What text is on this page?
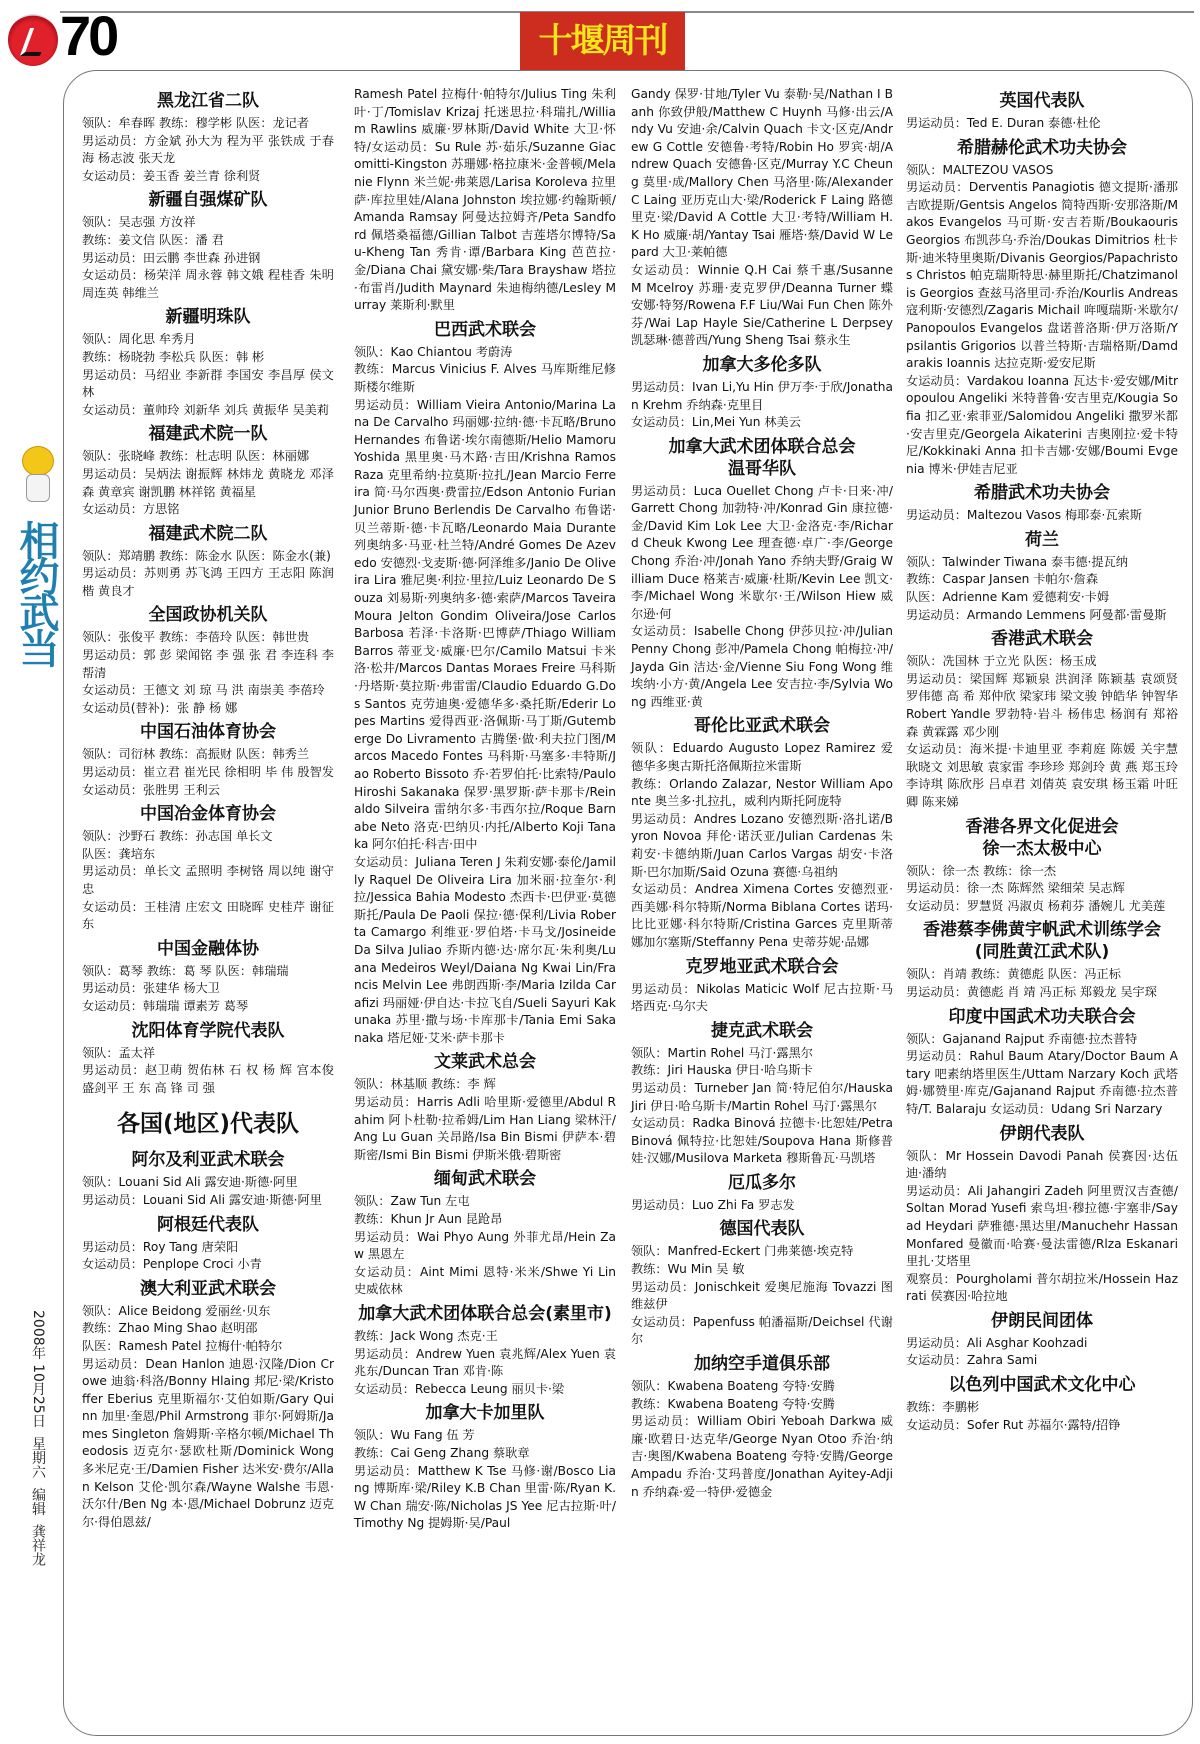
70	十堰周刊
相约武当
2008年 10月25日  星期六  编辑  龚祥龙
黑龙江省二队

领队：牟春晖 教练：穆学彬 队医：龙记者

男运动员：方金斌 孙大为 程为平 张铁成 于春海 杨志波 张天龙

女运动员：姜玉香 姜兰青 徐利贤

新疆自强煤矿队

领队：吴志强 方汝祥

教练：姜文信 队医：潘 君

男运动员：田云鹏 李世森 孙进钢

女运动员：杨荣洋 周永蓉 韩文娥 程桂香 朱明 周连英 韩维兰

新疆明珠队

领队：周化思 牟秀月

教练：杨晓勃 李松兵 队医：韩 彬

男运动员：马绍业 李新群 李国安 李昌厚 侯文林

女运动员：董帅玲 刘新华 刘兵 黄振华 吴美莉

福建武术院一队

领队：张晓峰 教练：杜志明 队医：林丽娜

男运动员：吴炳法 谢振辉 林炜龙 黄晓龙 邓泽森 黄章宾 谢凯鹏 林祥铭 黄福星

女运动员：方思铭

福建武术院二队

领队：郑靖鹏 教练：陈金水 队医：陈金水(兼)

男运动员：苏则勇 苏飞鸿 王四方 王志阳 陈润楷 黄良才

全国政协机关队

领队：张俊平 教练：李蓓玲 队医：韩世贵

男运动员：郭 彭 梁闻铭 李 强 张 君 李连科 李帮清

女运动员：王德文 刘 琼 马 洪 南崇美 李蓓玲

女运动员(替补)：张 静 杨 娜

中国石油体育协会

领队：司衍林 教练：高振财 队医：韩秀兰

男运动员：崔立君 崔光民 徐相明 毕 伟 殷智发 女运动员：张胜男 王利云

中国冶金体育协会

领队：沙野石 教练：孙志国 单长文

队医：龚培东

男运动员：单长文 孟照明 李树铬 周以纯 谢守忠

女运动员：王桂清 庄宏文 田晓晖 史桂芹 谢征东

中国金融体协

领队：葛琴 教练：葛 琴 队医：韩瑞瑞

男运动员：张建华 杨大卫

女运动员：韩瑞瑞 谭素芳 葛琴

沈阳体育学院代表队

领队：孟太祥

男运动员：赵卫萌 贺佑林 石 权 杨 辉 宫本俊 盛剑平 王 东 高 锋 司 强

各国(地区)代表队
阿尔及利亚武术联会

领队：Louani Sid Ali 露安迪·斯德·阿里

男运动员：Louani Sid Ali 露安迪·斯德·阿里

阿根廷代表队

男运动员：Roy Tang 唐荣阳

女运动员：Penplope Croci 小青

澳大利亚武术联会

领队：Alice Beidong 爱丽丝·贝东

教练：Zhao Ming Shao 赵明邵

队医：Ramesh Patel 拉梅什·帕特尔

男运动员：Dean Hanlon 迪恩·汉隆/Dion Crowe 迪翁·科洛/Bonny Hlaing 邦尼·梁/Kristoffer Eberius 克里斯福尔·艾伯如斯/Gary Quinn 加里·奎恩/Phil Armstrong 菲尔·阿姆斯/James Singleton 詹姆斯·辛格尔顿/Michael Theodosis 迈克尔·瑟欧杜斯/Dominick Wong 多米尼克·王/Damien Fisher 达米安·费尔/Allan Kelson 艾伦·凯尔森/Wayne Walshe 韦恩·沃尔什/Ben Ng 本·恩/Michael Dobrunz 迈克尔·得伯恩兹/

Ramesh Patel 拉梅什·帕特尔/Julius Ting 朱利叶·丁/Tomislav Krizaj 托迷思拉·科瑞扎/William Rawlins 威廉·罗林斯/David White 大卫·怀特/女运动员：Su Rule 苏·茹乐/Suzanne Giacomitti-Kingston 苏珊娜·格拉康米·金普顿/Melanie Flynn 米兰妮·弗莱恩/Larisa Koroleva 拉里萨·库拉里娃/Alana Johnston 埃拉娜·约翰斯顿/Amanda Ramsay 阿曼达拉姆齐/Peta Sandford 佩塔桑福德/Gillian Talbot 吉莲塔尔博特/Sau-Kheng Tan 秀肯·谭/Barbara King 芭芭拉·金/Diana Chai 黛安娜·柴/Tara Brayshaw 塔拉·布雷肖/Judith Maynard 朱迪梅纳德/Lesley Murray 莱斯利·默里

巴西武术联会

领队：Kao Chiantou 考蔚涛

教练：Marcus Vinicius F. Alves 马库斯维尼修斯楼尔维斯

男运动员：William Vieira Antonio/Marina Lana De Carvalho 玛丽娜·拉纳·德·卡瓦略/Bruno Hernandes 布鲁诺·埃尔南德斯/Helio Mamoru Yoshida 黑里奥·马木路·吉田/Krishna Ramos Raza 克里希纳·拉莫斯·拉扎/Jean Marcio Ferreira 简·马尔西奥·费雷拉/Edson Antonio Furian Junior Bruno Berlendis De Carvalho 布鲁诺·贝兰蒂斯·德·卡瓦略/Leonardo Maia Durante 列奥纳多·马亚·杜兰特/André Gomes De Azevedo 安德烈·戈麦斯·德·阿泽维多/Janio De Oliveira Lira 雅尼奥·利拉·里拉/Luiz Leonardo De Souza 刘易斯·列奥纳多·德·索萨/Marcos Taveira Moura Jelton Gondim Oliveira/Jose Carlos Barbosa 若泽·卡洛斯·巴博萨/Thiago William Barros 蒂亚戈·威廉·巴尔/Camilo Matsui 卡米洛·松井/Marcos Dantas Moraes Freire 马科斯·丹塔斯·莫拉斯·弗雷雷/Claudio Eduardo G.Dos Santos 克劳迪奥·爱德华多·桑托斯/Ederir Lopes Martins 爱得西亚·洛佩斯·马丁斯/Gutemberge Do Livramento 古腾堡·做·利夫拉门图/Marcos Macedo Fontes 马科斯·马塞多·丰特斯/Jao Roberto Bissoto 乔·若罗伯托·比索特/Paulo Hiroshi Sakanaka 保罗·黑罗斯·萨卡那卡/Reinaldo Silveira 雷纳尔多·韦西尔拉/Roque Barnabe Neto 洛克·巴纳贝·内托/Alberto Koji Tanaka 阿尔伯托·科吉·田中

女运动员：Juliana Teren J 朱莉安娜·泰伦/Jamilly Raquel De Oliveira Lira 加米丽·拉奎尔·利拉/Jessica Bahia Modesto 杰西卡·巴伊亚·莫德斯托/Paula De Paoli 保拉·德·保利/Livia Roberta Camargo 利维亚·罗伯塔·卡马戈/Josineide Da Silva Juliao 乔斯内德·达·席尔瓦·朱利奥/Luana Medeiros Weyl/Daiana Ng Kwai Lin/Francis Melvin Lee 弗朗西斯·李/Maria Izilda Carafizi 玛丽娅·伊自达·卡拉飞自/Sueli Sayuri Kakunaka 苏里·撒与场·卡库那卡/Tania Emi Sakanaka 塔尼娅·艾米·萨卡那卡

文莱武术总会

领队：林基顺 教练：李 辉

男运动员：Harris Adli 哈里斯·爱德里/Abdul Rahim 阿卜杜勒·拉希姆/Lim Han Liang 梁林汗/Ang Lu Guan 关昂路/Isa Bin Bismi 伊萨本·碧斯密/Ismi Bin Bismi 伊斯米俄·碧斯密

缅甸武术联会

领队：Zaw Tun 左屯

教练：Khun Jr Aun 昆跄昂

男运动员：Wai Phyo Aung 外菲尤昂/Hein Zaw 黑恩左

女运动员：Aint Mimi 恩特·米米/Shwe Yi Lin 史威依林

加拿大武术团体联合总会(素里市)

教练：Jack Wong 杰克·王

男运动员：Andrew Yuen 袁兆辉/Alex Yuen 袁兆东/Duncan Tran 邓肯·陈

女运动员：Rebecca Leung 丽贝卡·梁

加拿大卡加里队

领队：Wu Fang 伍 芳

教练：Cai Geng Zhang 蔡耿章

男运动员：Matthew K Tse 马修·谢/Bosco Liang 博斯库·梁/Riley K.B Chan 里雷·陈/Ryan K.W Chan 瑞安·陈/Nicholas JS Yee 尼古拉斯·叶/Timothy Ng 提姆斯·吴/Paul

Gandy 保罗·甘地/Tyler Vu 泰勒·吴/Nathan I Banh 你致伊般/Matthew C Huynh 马修·出云/Andy Vu 安迪·余/Calvin Quach 卡文·区克/Andrew G Cottle 安德鲁·考特/Robin Ho 罗宾·胡/Andrew Quach 安德鲁·区克/Murray Y.C Cheung 莫里·成/Mallory Chen 马洛里·陈/Alexander C Laing 亚历克山大·梁/Roderick F Laing 路德里克·梁/David A Cottle 大卫·考特/William H.K Ho 威廉·胡/Yantay Tsai 雁塔·蔡/David W Lepard 大卫·莱帕德

女运动员：Winnie Q.H Cai 蔡千惠/Susanne M Mcelroy 苏珊·麦克罗伊/Deanna Turner 蝶安娜·特努/Rowena F.F Liu/Wai Fun Chen 陈外芬/Wai Lap Hayle Sie/Catherine L Derpsey 凯瑟琳·德普西/Yung Sheng Tsai 蔡永生

加拿大多伦多队

男运动员：Ivan Li,Yu Hin 伊万李·于欣/Jonathan Krehm 乔纳森·克里目

女运动员：Lin,Mei Yun 林美云

加拿大武术团体联合总会
温哥华队

男运动员：Luca Ouellet Chong 卢卡·日来·冲/Garrett Chong 加勃特·冲/Konrad Gin 康拉德·金/David Kim Lok Lee 大卫·金洛克·李/Richard Cheuk Kwong Lee 理查德·卓广·李/George Chong 乔治·冲/Jonah Yano 乔纳夫野/Graig William Duce 格莱吉·威廉·杜斯/Kevin Lee 凯文·李/Michael Wong 米歇尔·王/Wilson Hiew 威尔逊·何

女运动员：Isabelle Chong 伊莎贝拉·冲/Julian Penny Chong 彭冲/Pamela Chong 帕梅拉·冲/Jayda Gin 洁达·金/Vienne Siu Fong Wong 维埃纳·小方·黄/Angela Lee 安吉拉·李/Sylvia Wong 西维亚·黄

哥伦比亚武术联会

领队：Eduardo Augusto Lopez Ramirez 爱德华多奥古斯托洛佩斯拉米雷斯

教练：Orlando Zalazar, Nestor William Aponte 奥兰多·扎拉扎，威利内斯托阿庞特

男运动员：Andres Lozano 安德烈斯·洛扎诺/Byron Novoa 拜伦·诺沃亚/Julian Cardenas 朱莉安·卡德纳斯/Juan Carlos Vargas 胡安·卡洛斯·巴尔加斯/Said Ozuna 赛德·乌祖纳

女运动员：Andrea Ximena Cortes 安德烈亚·西美娜·科尔特斯/Norma Biblana Cortes 诺玛·比比亚娜·科尔特斯/Cristina Garces 克里斯蒂娜加尔塞斯/Steffanny Pena 史蒂芬妮·品娜

克罗地亚武术联合会

男运动员：Nikolas Maticic Wolf 尼古拉斯·马塔西克·乌尔夫

捷克武术联会

领队：Martin Rohel 马汀·露黑尔

教练：Jiri Hauska 伊日·哈乌斯卡

男运动员：Turneber Jan 简·特尼伯尔/Hauska Jiri 伊日·哈乌斯卡/Martin Rohel 马汀·露黑尔

女运动员：Radka Binová 拉德卡·比恕娃/Petra Binová 佩特拉·比恕娃/Soupova Hana 斯修普娃·汉娜/Musilova Marketa 穆斯鲁瓦·马凯塔

厄瓜多尔

男运动员：Luo Zhi Fa 罗志发

德国代表队

领队：Manfred-Eckert 门弗莱德·埃克特

教练：Wu Min 吴 敏

男运动员：Jonischkeit 爱奥尼施海 Tovazzi 图维兹伊

女运动员：Papenfuss 帕潘福斯/Deichsel 代谢尔

加纳空手道俱乐部

领队：Kwabena Boateng 夸特·安腾

教练：Kwabena Boateng 夸特·安腾

男运动员：William Obiri Yeboah Darkwa 威廉·欧碧日·达克华/George Nyan Otoo 乔治·纳吉·奥图/Kwabena Boateng 夸特·安腾/George Ampadu 乔治·艾玛普度/Jonathan Ayitey-Adjin 乔纳森·爱一特伊·爱德金

英国代表队

男运动员：Ted E. Duran 泰德·杜伦

希腊赫伦武术功夫协会

领队：MALTEZOU VASOS

男运动员：Derventis Panagiotis 德文提斯·潘那吉欧提斯/Gentsis Angelos 简特西斯·安那洛斯/Makos Evangelos 马可斯·安吉若斯/Boukaouris Georgios 布凯莎乌·乔治/Doukas Dimitrios 杜卡斯·迪米特里奥斯/Divanis Georgios/Papachristos Christos 帕克瑞斯特思·赫里斯托/Chatzimanolis Georgios 查兹马洛里司·乔治/Kourlis Andreas 寇利斯·安德烈/Zagaris Michail 哖嘎瑞斯·米歇尔/Panopoulos Evangelos 盘诺普洛斯·伊万洛斯/Ypsilantis Grigorios 以普兰特斯·吉瑞格斯/Damdarakis Ioannis 达拉克斯·爱安尼斯

女运动员：Vardakou Ioanna 瓦达卡·爱安娜/Mitropoulou Angeliki 米特普鲁·安吉里克/Kougia Sofia 扣乙亚·索菲亚/Salomidou Angeliki 撒罗米都·安吉里克/Georgela Aikaterini 吉奥刚拉·爱卡特尼/Kokkinaki Anna 扣卡吉娜·安娜/Boumi Evgenia 博米·伊娃吉尼亚

希腊武术功夫协会

男运动员：Maltezou Vasos 梅耶泰·瓦索斯

荷兰

领队：Talwinder Tiwana 泰韦德·提瓦纳

教练：Caspar Jansen 卡帕尔·詹森

队医：Adrienne Kam 爱德莉安·卡姆

男运动员：Armando Lemmens 阿曼都·雷曼斯

香港武术联会

领队：冼国林 于立光 队医：杨玉成

男运动员：梁国辉 郑颖泉 洪润泽 陈颖基 袁颂贤 罗伟德 高 希 郑仲欣 梁家玮 梁文骏 钟皓华 钟智华 Robert Yandle 罗勃特·岩斗 杨伟忠 杨润有 郑裕森 黄霖露 邓少刚

女运动员：海米提·卡迪里亚 李莉庭 陈媛 关宇慧 耿晓文 刘思敏 袁家雷 李珍珍 郑剑玲 黄 燕 郑玉玲 李诗琪 陈欣彤 吕卓君 刘倩英 袁安琪 杨玉霜 叶旺卿 陈来娣

香港各界文化促进会
徐一杰太极中心

领队：徐一杰 教练：徐一杰

男运动员：徐一杰 陈辉然 梁细荣 吴志辉

女运动员：罗慧贤 冯淑贞 杨莉芬 潘婉儿 尤美莲

香港蔡李佛黄宇帆武术训练学会
(同胜黄江武术队)

领队：肖靖 教练：黄德彪 队医：冯正标

男运动员：黄德彪 肖 靖 冯正标 郑毅龙 吴宇琛

印度中国武术功夫联合会

领队：Gajanand Rajput 乔南德·拉杰普特

男运动员：Rahul Baum Atary/Doctor Baum Atary 吧素纳塔里医生/Uttam Narzary Koch 武塔姆·娜赞里·库克/Gajanand Rajput 乔南德·拉杰普特/T. Balaraju 女运动员：Udang Sri Narzary

伊朗代表队

领队：Mr Hossein Davodi Panah 侯赛因·达伍迪·潘纳

男运动员：Ali Jahangiri Zadeh 阿里贾汉吉查德/Soltan Morad Yusefi 索鸟坦·穆拉德·宇塞非/Sayad Heydari 萨雅德·黑达里/Manuchehr Hassan Monfared 曼徽而·哈赛·曼法雷德/Rlza Eskanari 里扎·艾塔里

观察员：Pourgholami 普尔胡拉米/Hossein Hazrati 侯赛因·哈拉地

伊朗民间团体

男运动员：Ali Asghar Koohzadi

女运动员：Zahra Sami

以色列中国武术文化中心

教练：李鹏彬

女运动员：Sofer Rut 苏福尔·露特/招铮
